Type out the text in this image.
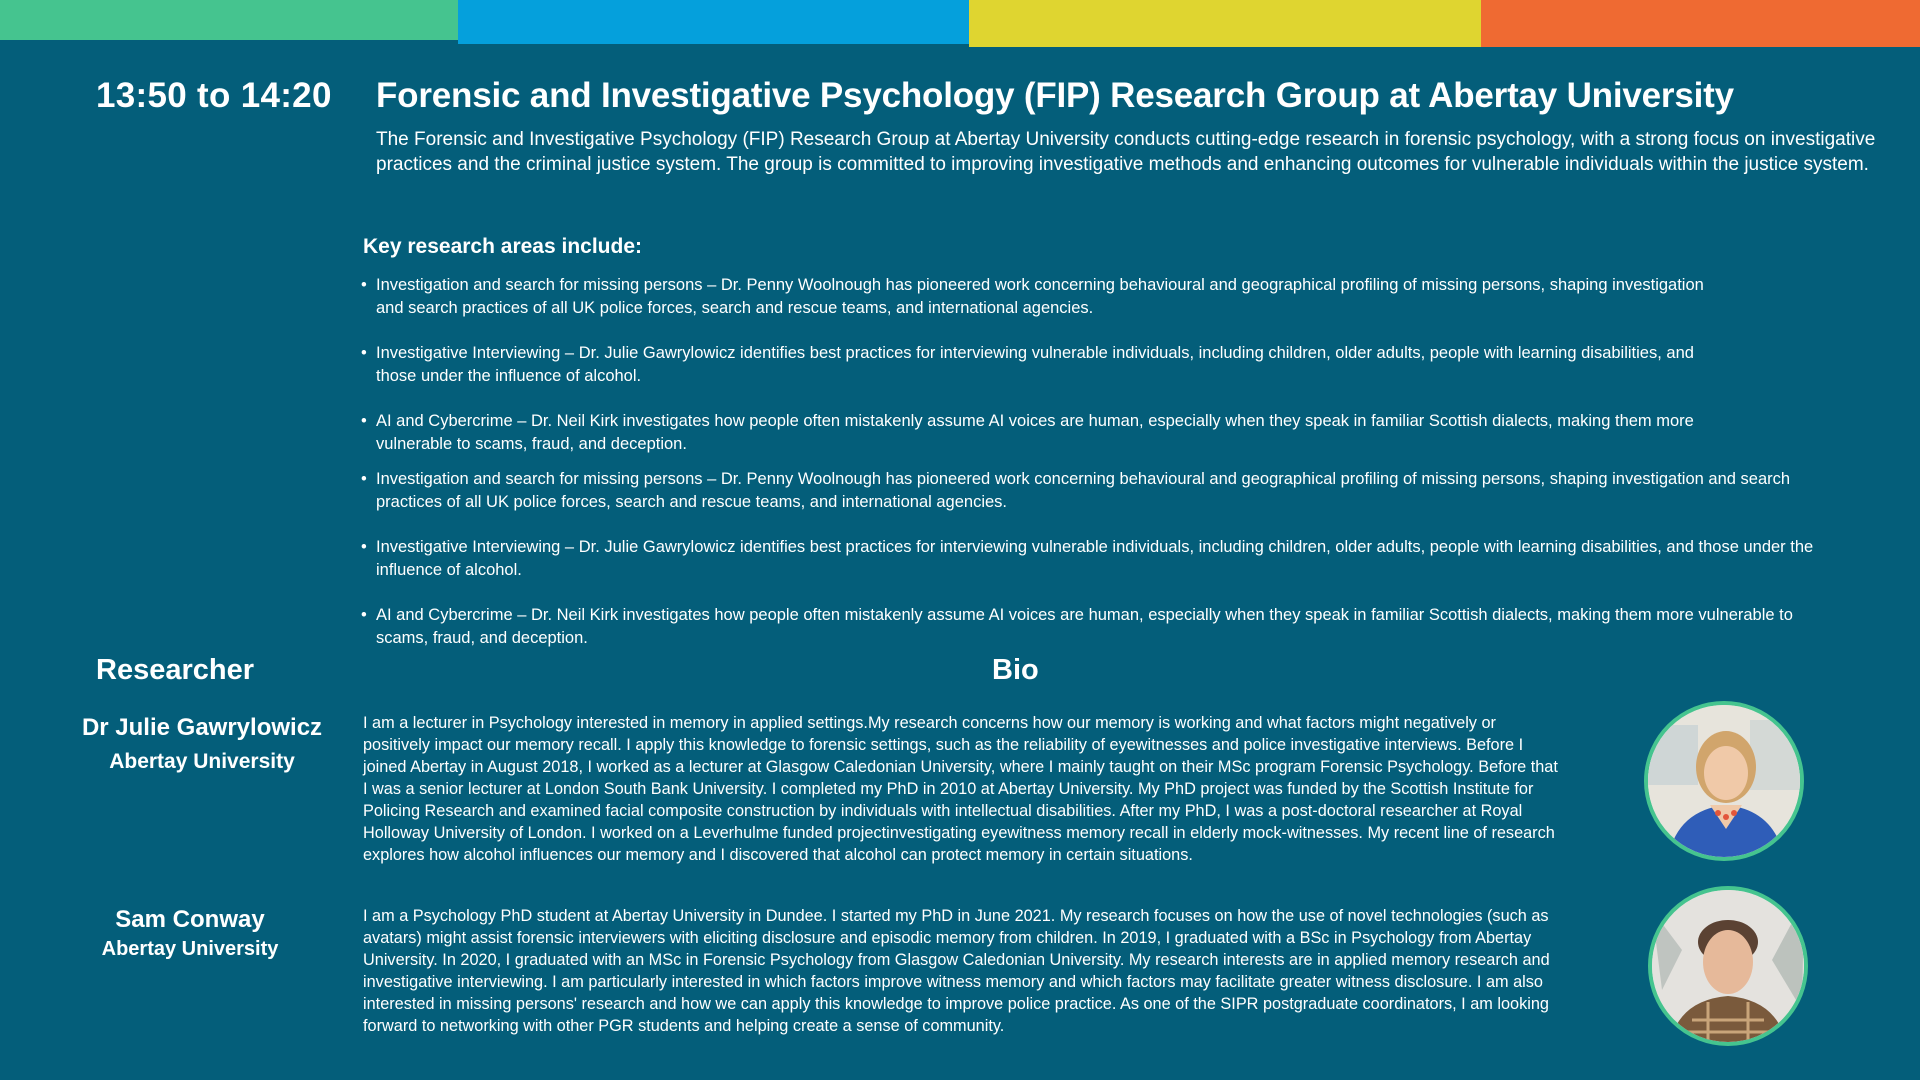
13:50 to 14:20 Forensic and Investigative Psychology (FIP) Research Group at Abertay University
The Forensic and Investigative Psychology (FIP) Research Group at Abertay University conducts cutting-edge research in forensic psychology, with a strong focus on investigative practices and the criminal justice system. The group is committed to improving investigative methods and enhancing outcomes for vulnerable individuals within the justice system.
Key research areas include:
• Investigation and search for missing persons – Dr. Penny Woolnough has pioneered work concerning behavioural and geographical profiling of missing persons, shaping investigation and search practices of all UK police forces, search and rescue teams, and international agencies.
• Investigative Interviewing – Dr. Julie Gawrylowicz identifies best practices for interviewing vulnerable individuals, including children, older adults, people with learning disabilities, and those under the influence of alcohol.
• AI and Cybercrime – Dr. Neil Kirk investigates how people often mistakenly assume AI voices are human, especially when they speak in familiar Scottish dialects, making them more vulnerable to scams, fraud, and deception.
• Investigation and search for missing persons – Dr. Penny Woolnough has pioneered work concerning behavioural and geographical profiling of missing persons, shaping investigation and search practices of all UK police forces, search and rescue teams, and international agencies.
• Investigative Interviewing – Dr. Julie Gawrylowicz identifies best practices for interviewing vulnerable individuals, including children, older adults, people with learning disabilities, and those under the influence of alcohol.
• AI and Cybercrime – Dr. Neil Kirk investigates how people often mistakenly assume AI voices are human, especially when they speak in familiar Scottish dialects, making them more vulnerable to scams, fraud, and deception.
Researcher	Bio
Dr Julie Gawrylowicz
Abertay University
I am a lecturer in Psychology interested in memory in applied settings.My research concerns how our memory is working and what factors might negatively or positively impact our memory recall. I apply this knowledge to forensic settings, such as the reliability of eyewitnesses and police investigative interviews. Before I joined Abertay in August 2018, I worked as a lecturer at Glasgow Caledonian University, where I mainly taught on their MSc program Forensic Psychology. Before that I was a senior lecturer at London South Bank University. I completed my PhD in 2010 at Abertay University. My PhD project was funded by the Scottish Institute for Policing Research and examined facial composite construction by individuals with intellectual disabilities. After my PhD, I was a post-doctoral researcher at Royal Holloway University of London. I worked on a Leverhulme funded projectinvestigating eyewitness memory recall in elderly mock-witnesses. My recent line of research explores how alcohol influences our memory and I discovered that alcohol can protect memory in certain situations.
Sam Conway
Abertay University
I am a Psychology PhD student at Abertay University in Dundee. I started my PhD in June 2021. My research focuses on how the use of novel technologies (such as avatars) might assist forensic interviewers with eliciting disclosure and episodic memory from children. In 2019, I graduated with a BSc in Psychology from Abertay University. In 2020, I graduated with an MSc in Forensic Psychology from Glasgow Caledonian University. My research interests are in applied memory research and investigative interviewing. I am particularly interested in which factors improve witness memory and which factors may facilitate greater witness disclosure. I am also interested in missing persons' research and how we can apply this knowledge to improve police practice. As one of the SIPR postgraduate coordinators, I am looking forward to networking with other PGR students and helping create a sense of community.
